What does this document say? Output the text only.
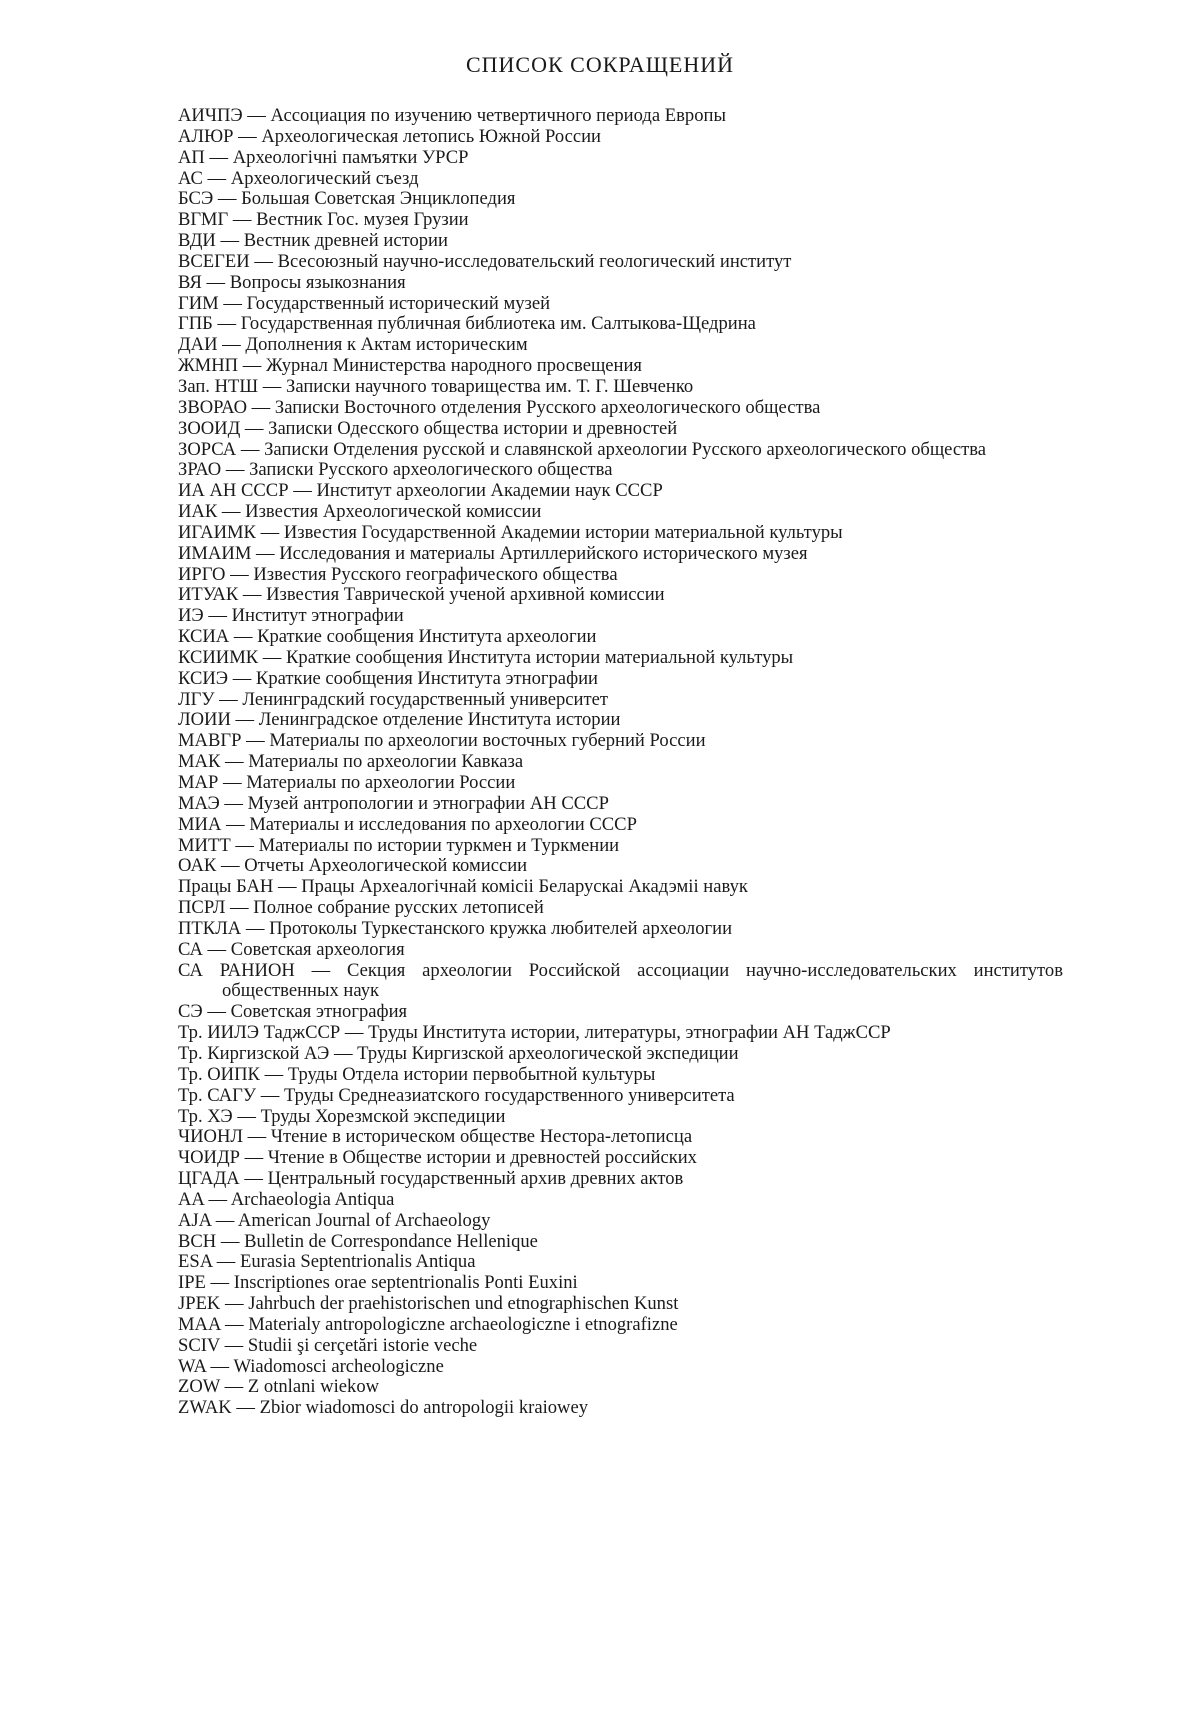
СПИСОК СОКРАЩЕНИЙ
АИЧПЭ — Ассоциация по изучению четвертичного периода Европы
АЛЮР — Археологическая летопись Южной России
АП — Археологiчнi памъятки УРСР
АС — Археологический съезд
БСЭ — Большая Советская Энциклопедия
ВГМГ — Вестник Гос. музея Грузии
ВДИ — Вестник древней истории
ВСЕГЕИ — Всесоюзный научно-исследовательский геологический институт
ВЯ — Вопросы языкознания
ГИМ — Государственный исторический музей
ГПБ — Государственная публичная библиотека им. Салтыкова-Щедрина
ДАИ — Дополнения к Актам историческим
ЖМНП — Журнал Министерства народного просвещения
Зап. НТШ — Записки научного товарищества им. Т. Г. Шевченко
ЗВОРАО — Записки Восточного отделения Русского археологического общества
ЗООИД — Записки Одесского общества истории и древностей
ЗОРСА — Записки Отделения русской и славянской археологии Русского археологического общества
ЗРАО — Записки Русского археологического общества
ИА АН СССР — Институт археологии Академии наук СССР
ИАК — Известия Археологической комиссии
ИГАИМК — Известия Государственной Академии истории материальной культуры
ИМАИМ — Исследования и материалы Артиллерийского исторического музея
ИРГО — Известия Русского географического общества
ИТУАК — Известия Таврической ученой архивной комиссии
ИЭ — Институт этнографии
КСИА — Краткие сообщения Института археологии
КСИИМК — Краткие сообщения Института истории материальной культуры
КСИЭ — Краткие сообщения Института этнографии
ЛГУ — Ленинградский государственный университет
ЛОИИ — Ленинградское отделение Института истории
МАВГР — Материалы по археологии восточных губерний России
МАК — Материалы по археологии Кавказа
МАР — Материалы по археологии России
МАЭ — Музей антропологии и этнографии АН СССР
МИА — Материалы и исследования по археологии СССР
МИТТ — Материалы по истории туркмен и Туркмении
ОАК — Отчеты Археологической комиссии
Працы БАН — Працы Археалогiчнай комiсii Беларускаi Акадэмii навук
ПСРЛ — Полное собрание русских летописей
ПТКЛА — Протоколы Туркестанского кружка любителей археологии
СА — Советская археология
СА РАНИОН — Секция археологии Российской ассоциации научно-исследовательских институтов общественных наук
СЭ — Советская этнография
Тр. ИИЛЭ ТаджССР — Труды Института истории, литературы, этнографии АН ТаджССР
Тр. Киргизской АЭ — Труды Киргизской археологической экспедиции
Тр. ОИПК — Труды Отдела истории первобытной культуры
Тр. САГУ — Труды Среднеазиатского государственного университета
Тр. ХЭ — Труды Хорезмской экспедиции
ЧИОНЛ — Чтение в историческом обществе Нестора-летописца
ЧОИДР — Чтение в Обществе истории и древностей российских
ЦГАДА — Центральный государственный архив древних актов
AA — Archaeologia Antiqua
AJA — American Journal of Archaeology
BCH — Bulletin de Correspondance Hellenique
ESA — Eurasia Septentrionalis Antiqua
IPE — Inscriptiones orae septentrionalis Ponti Euxini
JPEK — Jahrbuch der praehistorischen und etnographischen Kunst
MAA — Materialy antropologiczne archaeologiczne i etnografizne
SCIV — Studii şi cerçetări istorie veche
WA — Wiadomosci archeologiczne
ZOW — Z otnlani wiekow
ZWAK — Zbior wiadomosci do antropologii kraiowey
